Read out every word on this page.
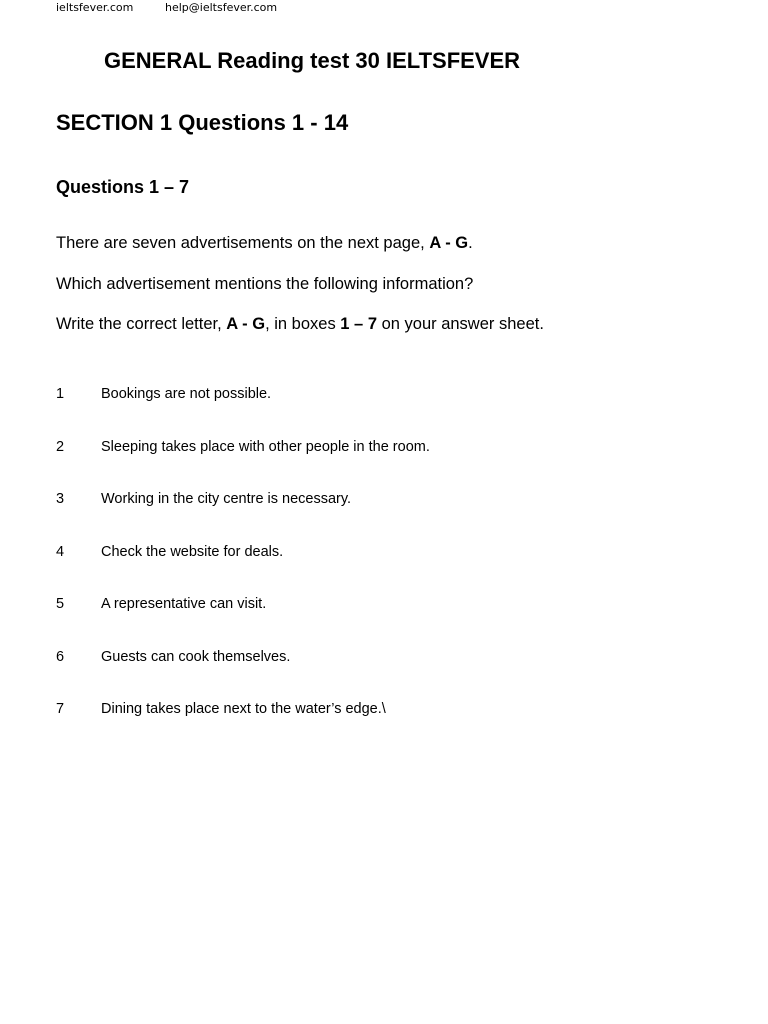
ieltsfever.com	help@ieltsfever.com
GENERAL Reading test 30 IELTSFEVER
SECTION 1 Questions 1 - 14
Questions 1 – 7

There are seven advertisements on the next page, A - G.

Which advertisement mentions the following information?

Write the correct letter, A - G, in boxes 1 – 7 on your answer sheet.

1	Bookings are not possible.
2	Sleeping takes place with other people in the room.
3	Working in the city centre is necessary.
4	Check the website for deals.
5	A representative can visit.
6	Guests can cook themselves.
7	Dining takes place next to the water’s edge.\
